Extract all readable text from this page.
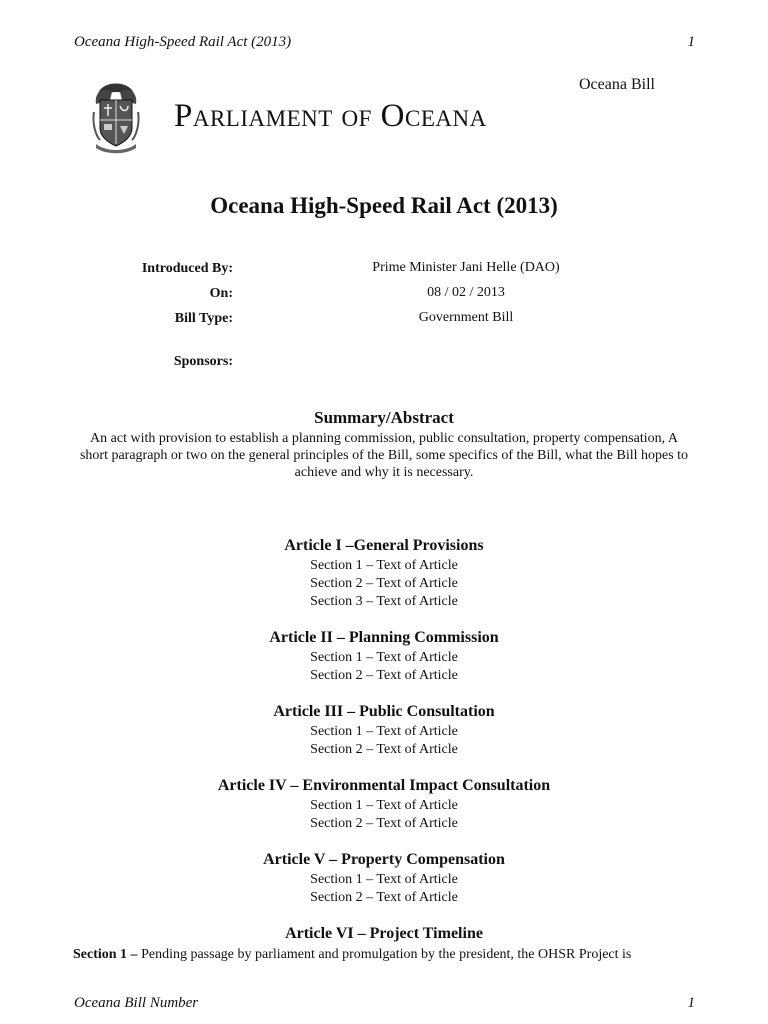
Oceana High-Speed Rail Act (2013)	1
Oceana Bill
Parliament of Oceana
Oceana High-Speed Rail Act (2013)
Introduced By:	Prime Minister Jani Helle (DAO)
On:	08 / 02 / 2013
Bill Type:	Government Bill
Sponsors:
Summary/Abstract
An act with provision to establish a planning commission, public consultation, property compensation, A short paragraph or two on the general principles of the Bill, some specifics of the Bill, what the Bill hopes to achieve and why it is necessary.
Article I –General Provisions
Section 1 – Text of Article
Section 2 – Text of Article
Section 3 – Text of Article
Article II – Planning Commission
Section 1 – Text of Article
Section 2 – Text of Article
Article III – Public Consultation
Section 1 – Text of Article
Section 2 – Text of Article
Article IV – Environmental Impact Consultation
Section 1 – Text of Article
Section 2 – Text of Article
Article V – Property Compensation
Section 1 – Text of Article
Section 2 – Text of Article
Article VI – Project Timeline
Section 1 – Pending passage by parliament and promulgation by the president, the OHSR Project is
Oceana Bill Number	1
